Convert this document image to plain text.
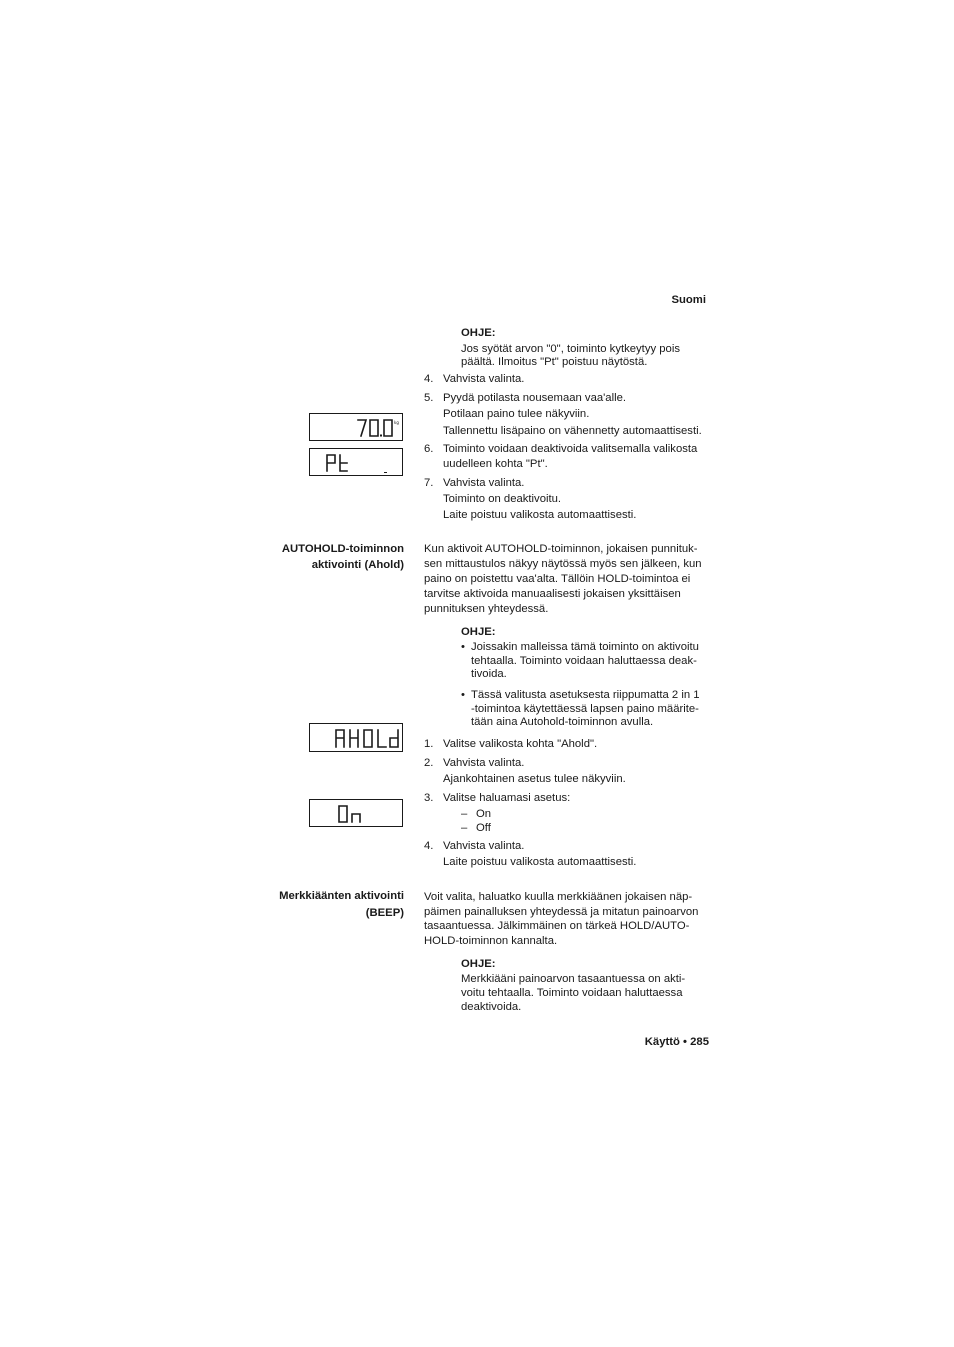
Suomi
OHJE:
Jos syötät arvon "0", toiminto kytkeytyy pois
päältä. Ilmoitus "Pt" poistuu näytöstä.
4. Vahvista valinta.
5. Pyydä potilasta nousemaan vaa'alle.
Potilaan paino tulee näkyviin.
Tallennettu lisäpaino on vähennetty automaattisesti.
6. Toiminto voidaan deaktivoida valitsemalla valikosta
uudelleen kohta "Pt".
7. Vahvista valinta.
Toiminto on deaktivoitu.
Laite poistuu valikosta automaattisesti.
kg
AUTOHOLD-toiminnon
aktivointi (Ahold)
Kun aktivoit AUTOHOLD-toiminnon, jokaisen punnituk-
sen mittaustulos näkyy näytössä myös sen jälkeen, kun
paino on poistettu vaa'alta. Tällöin HOLD-toimintoa ei
tarvitse aktivoida manuaalisesti jokaisen yksittäisen
punnituksen yhteydessä.
OHJE:
• Joissakin malleissa tämä toiminto on aktivoitu
tehtaalla. Toiminto voidaan haluttaessa deak-
tivoida.
• Tässä valitusta asetuksesta riippumatta 2 in 1
-toimintoa käytettäessä lapsen paino määrite-
tään aina Autohold-toiminnon avulla.
1. Valitse valikosta kohta "Ahold".
2. Vahvista valinta.
Ajankohtainen asetus tulee näkyviin.
3. Valitse haluamasi asetus:
– On
– Off
4. Vahvista valinta.
Laite poistuu valikosta automaattisesti.
Merkkiäänten aktivointi
(BEEP)
Voit valita, haluatko kuulla merkkiäänen jokaisen näp-
päimen painalluksen yhteydessä ja mitatun painoarvon
tasaantuessa. Jälkimmäinen on tärkeä HOLD/AUTO-
HOLD-toiminnon kannalta.
OHJE:
Merkkiääni painoarvon tasaantuessa on akti-
voitu tehtaalla. Toiminto voidaan haluttaessa
deaktivoida.
Käyttö • 285
